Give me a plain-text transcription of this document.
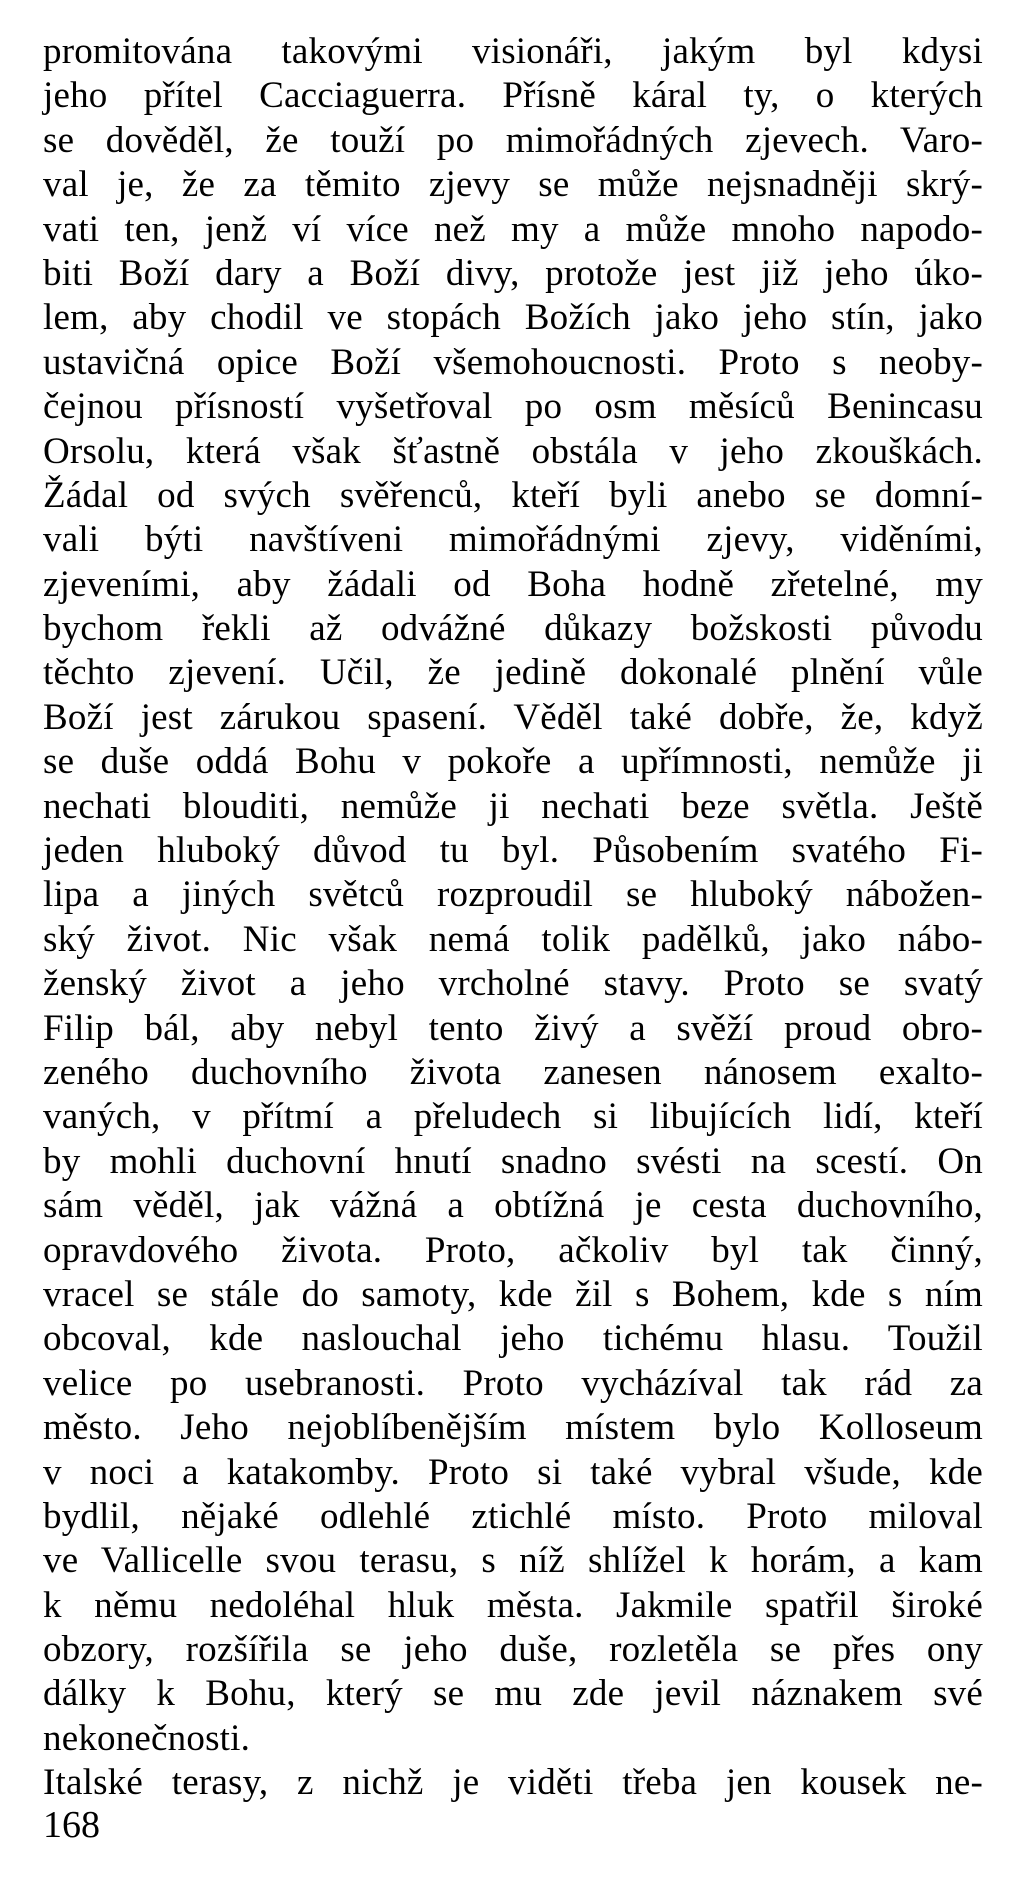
promitována takovými visionáři, jakým byl kdysi
jeho přítel Cacciaguerra. Přísně káral ty, o kterých
se dověděl, že touží po mimořádných zjevech. Varo-
val je, že za těmito zjevy se může nejsnadněji skrý-
vati ten, jenž ví více než my a může mnoho napodo-
biti Boží dary a Boží divy, protože jest již jeho úko-
lem, aby chodil ve stopách Božích jako jeho stín, jako
ustavičná opice Boží všemohoucnosti. Proto s neoby-
čejnou přísností vyšetřoval po osm měsíců Benincasu
Orsolu, která však šťastně obstála v jeho zkouškách.
Žádal od svých svěřenců, kteří byli anebo se domní-
vali býti navštíveni mimořádnými zjevy, viděními,
zjeveními, aby žádali od Boha hodně zřetelné, my
bychom řekli až odvážné důkazy božskosti původu
těchto zjevení. Učil, že jedině dokonalé plnění vůle
Boží jest zárukou spasení. Věděl také dobře, že, když
se duše oddá Bohu v pokoře a upřímnosti, nemůže ji
nechati blouditi, nemůže ji nechati beze světla. Ještě
jeden hluboký důvod tu byl. Působením svatého Fi-
lipa a jiných světců rozproudil se hluboký nábožen-
ský život. Nic však nemá tolik padělků, jako nábo-
ženský život a jeho vrcholné stavy. Proto se svatý
Filip bál, aby nebyl tento živý a svěží proud obro-
zeného duchovního života zanesen nánosem exalto-
vaných, v přítmí a přeludech si libujících lidí, kteří
by mohli duchovní hnutí snadno svésti na scestí. On
sám věděl, jak vážná a obtížná je cesta duchovního,
opravdového života. Proto, ačkoliv byl tak činný,
vracel se stále do samoty, kde žil s Bohem, kde s ním
obcoval, kde naslouchal jeho tichému hlasu. Toužil
velice po usebranosti. Proto vycházíval tak rád za
město. Jeho nejoblíbenějším místem bylo Kolloseum
v noci a katakomby. Proto si také vybral všude, kde
bydlil, nějaké odlehlé ztichlé místo. Proto miloval
ve Vallicelle svou terasu, s níž shlížel k horám, a kam
k němu nedoléhal hluk města. Jakmile spatřil široké
obzory, rozšířila se jeho duše, rozletěla se přes ony
dálky k Bohu, který se mu zde jevil náznakem své
nekonečnosti.
Italské terasy, z nichž je viděti třeba jen kousek ne-
168
